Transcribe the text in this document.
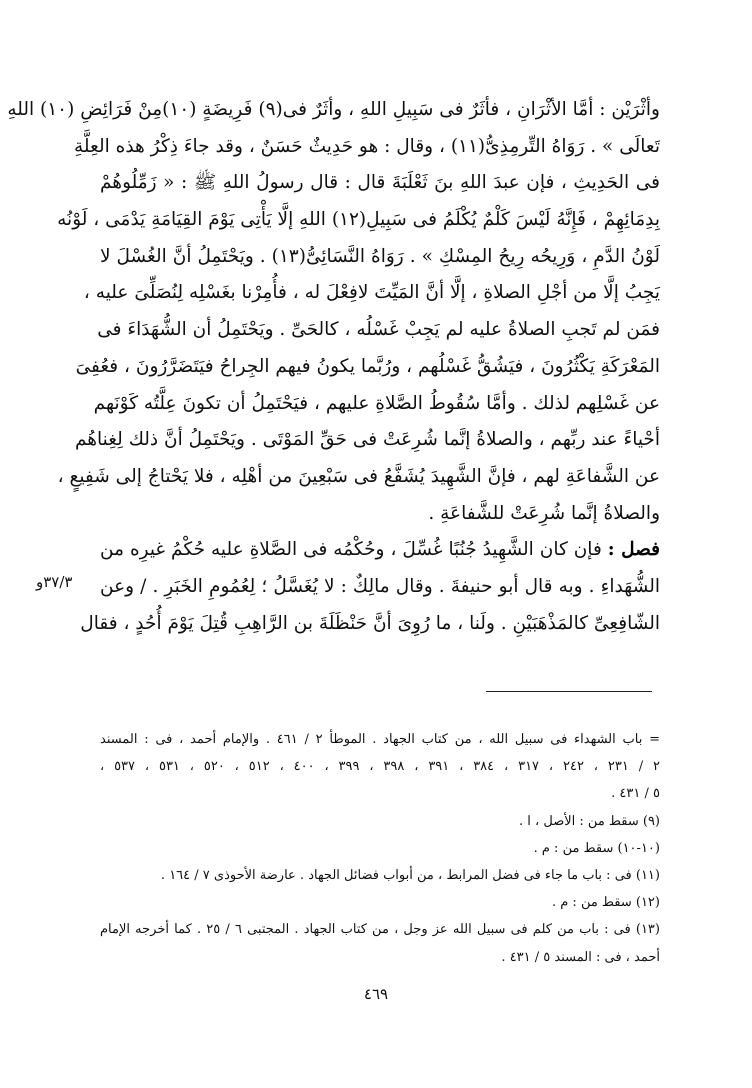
وأثْرَيْن : أمَّا الأثْرَانِ ، فأثَرٌ فى سَبِيلِ اللهِ ، وأثَرٌ فى(٩) فَرِيضَةٍ (١٠)مِنْ فَرَائِضِ (١٠) اللهِ
تَعالَى » . رَوَاهُ التِّرمِذِىُّ(١١) ، وقال : هو حَدِيثٌ حَسَنٌ ، وقد جاءَ ذِكْرُ هذه العِلَّةِ
فى الحَدِيثِ ، فإن عبدَ اللهِ بنَ ثَعْلَبَةَ قال : قال رسولُ اللهِ ﷺ : « زَمِّلُوهُمْ
بِدِمَائِهِمْ ، فَإِنَّهُ لَيْسَ كَلْمٌ يُكْلَمُ فى سَبِيلِ(١٢) اللهِ إلَّا يَأْتِى يَوْمَ القِيَامَةِ يَدْمَى ، لَوْنُه
لَوْنُ الدَّمِ ، وَرِيحُه رِيحُ المِسْكِ » . رَوَاهُ النَّسَائِىُّ(١٣) . ويَحْتَمِلُ أنَّ الغُسْلَ لا
يَجِبُ إلَّا من أجْلِ الصلاةِ ، إلَّا أنَّ المَيِّتَ لافِعْلَ له ، فأُمِرْنا بغَسْلِه لِنُصَلِّىَ عليه ،
فمَن لم تَجبِ الصلاةُ عليه لم يَجِبْ غَسْلُه ، كالحَىِّ . ويَحْتَمِلُ أن الشُّهَدَاءَ فى
المَعْرَكَةِ يَكْثُرُونَ ، فيَشُقُّ غَسْلُهم ، ورُبَّما يكونُ فيهم الجِراحُ فيَتَضَرَّرُونَ ، فعُفِىَ
عن غَسْلِهم لذلك . وأمَّا سُقُوطُ الصَّلاةِ عليهم ، فيَحْتَمِلُ أن تكونَ عِلَّتُه كَوْنَهم
أحْياءً عند ربِّهم ، والصلاةُ إنَّما شُرِعَتْ فى حَقِّ المَوْتَى . ويَحْتَمِلُ أنَّ ذلك لِغِناهُم
عن الشَّفاعَةِ لهم ، فإنَّ الشَّهِيدَ يُشَفَّعُ فى سَبْعِينَ من أهْلِه ، فلا يَحْتاجُ إلى شَفِيعٍ ،
والصلاةُ إنَّما شُرِعَتْ للشَّفاعَةِ .
فصل : فإن كان الشَّهِيدُ جُنُبًا غُسِّلَ ، وحُكْمُه فى الصَّلاةِ عليه حُكْمُ غيرِه من
الشُّهَداءِ . وبه قال أبو حنيفةَ . وقال مالِكٌ : لا يُغَسَّلُ ؛ لِعُمُومِ الخَبَرِ . / وعن
الشّافِعِىِّ كالمَذْهَبَيْنِ . ولَنا ، ما رُوِىَ أنَّ حَنْظَلَةَ بن الرَّاهِبِ قُتِلَ يَوْمَ أُحُدٍ ، فقال
٣٧/٣و
= باب الشهداء فى سبيل الله ، من كتاب الجهاد . الموطأ ٢ / ٤٦١ . والإمام أحمد ، فى : المسند
٢ / ٢٣١ ، ٢٤٢ ، ٣١٧ ، ٣٨٤ ، ٣٩١ ، ٣٩٨ ، ٣٩٩ ، ٤٠٠ ، ٥١٢ ، ٥٢٠ ، ٥٣١ ، ٥٣٧ ،
٥ / ٤٣١ .
(٩) سقط من : الأصل ، ا .
(١٠-١٠) سقط من : م .
(١١) فى : باب ما جاء فى فضل المرابط ، من أبواب فضائل الجهاد . عارضة الأحوذى ٧ / ١٦٤ .
(١٢) سقط من : م .
(١٣) فى : باب من كلم فى سبيل الله عز وجل ، من كتاب الجهاد . المجتبى ٦ / ٢٥ . كما أخرجه الإمام
أحمد ، فى : المسند ٥ / ٤٣١ .
٤٦٩
